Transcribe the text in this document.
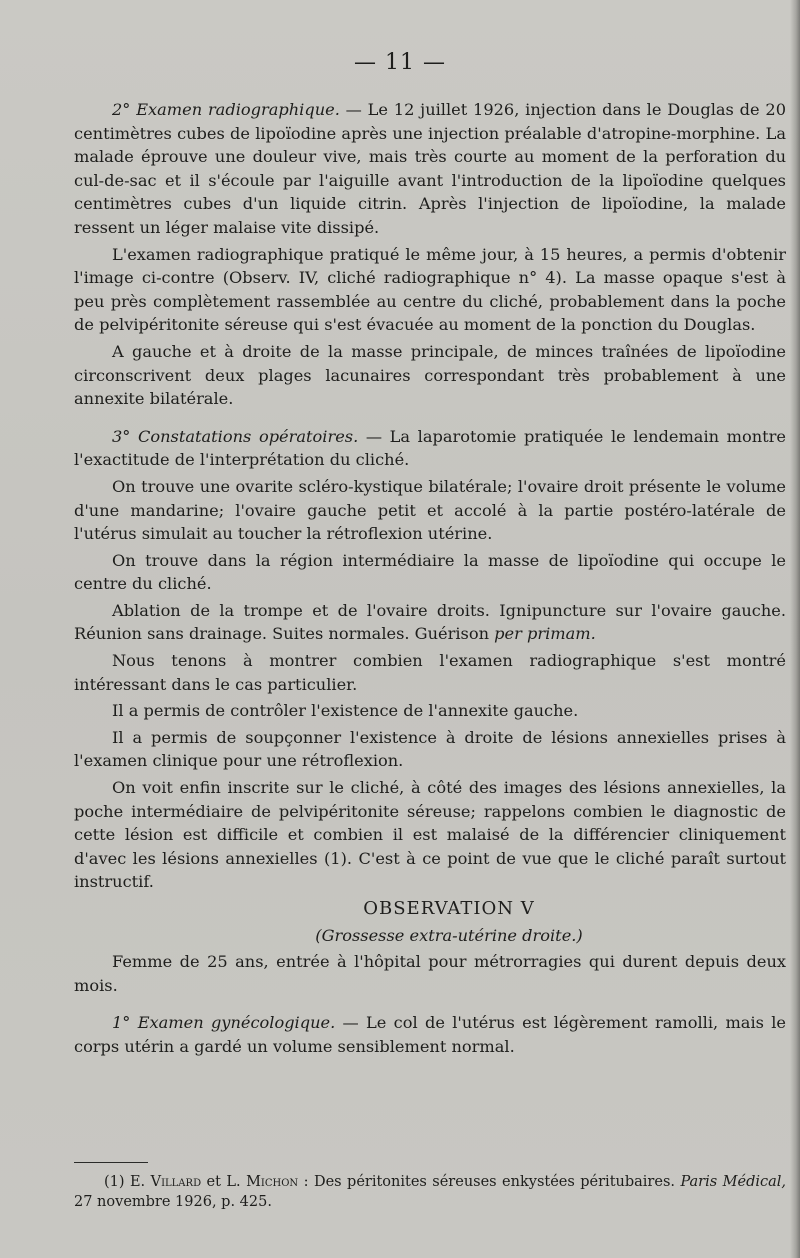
— 11 —

2° Examen radiographique. — Le 12 juillet 1926, injection dans le Douglas de 20 centimètres cubes de lipoïodine après une injection préalable d'atropine-morphine. La malade éprouve une douleur vive, mais très courte au moment de la perforation du cul-de-sac et il s'écoule par l'aiguille avant l'introduction de la lipoïodine quelques centimètres cubes d'un liquide citrin. Après l'injection de lipoïodine, la malade ressent un léger malaise vite dissipé.

L'examen radiographique pratiqué le même jour, à 15 heures, a permis d'obtenir l'image ci-contre (Observ. IV, cliché radiographique n° 4). La masse opaque s'est à peu près complètement rassemblée au centre du cliché, probablement dans la poche de pelvipéritonite séreuse qui s'est évacuée au moment de la ponction du Douglas.

A gauche et à droite de la masse principale, de minces traînées de lipoïodine circonscrivent deux plages lacunaires correspondant très probablement à une annexite bilatérale.

3° Constatations opératoires. — La laparotomie pratiquée le lendemain montre l'exactitude de l'interprétation du cliché.

On trouve une ovarite scléro-kystique bilatérale; l'ovaire droit présente le volume d'une mandarine; l'ovaire gauche petit et accolé à la partie postéro-latérale de l'utérus simulait au toucher la rétroflexion utérine.

On trouve dans la région intermédiaire la masse de lipoïodine qui occupe le centre du cliché.

Ablation de la trompe et de l'ovaire droits. Ignipuncture sur l'ovaire gauche. Réunion sans drainage. Suites normales. Guérison per primam.

Nous tenons à montrer combien l'examen radiographique s'est montré intéressant dans le cas particulier.

Il a permis de contrôler l'existence de l'annexite gauche.

Il a permis de soupçonner l'existence à droite de lésions annexielles prises à l'examen clinique pour une rétroflexion.

On voit enfin inscrite sur le cliché, à côté des images des lésions annexielles, la poche intermédiaire de pelvipéritonite séreuse; rappelons combien le diagnostic de cette lésion est difficile et combien il est malaisé de la différencier cliniquement d'avec les lésions annexielles (1). C'est à ce point de vue que le cliché paraît surtout instructif.

OBSERVATION V

(Grossesse extra-utérine droite.)

Femme de 25 ans, entrée à l'hôpital pour métrorragies qui durent depuis deux mois.

1° Examen gynécologique. — Le col de l'utérus est légèrement ramolli, mais le corps utérin a gardé un volume sensiblement normal.

(1) E. Villard et L. Michon : Des péritonites séreuses enkystées péritubaires. Paris Médical, 27 novembre 1926, p. 425.
